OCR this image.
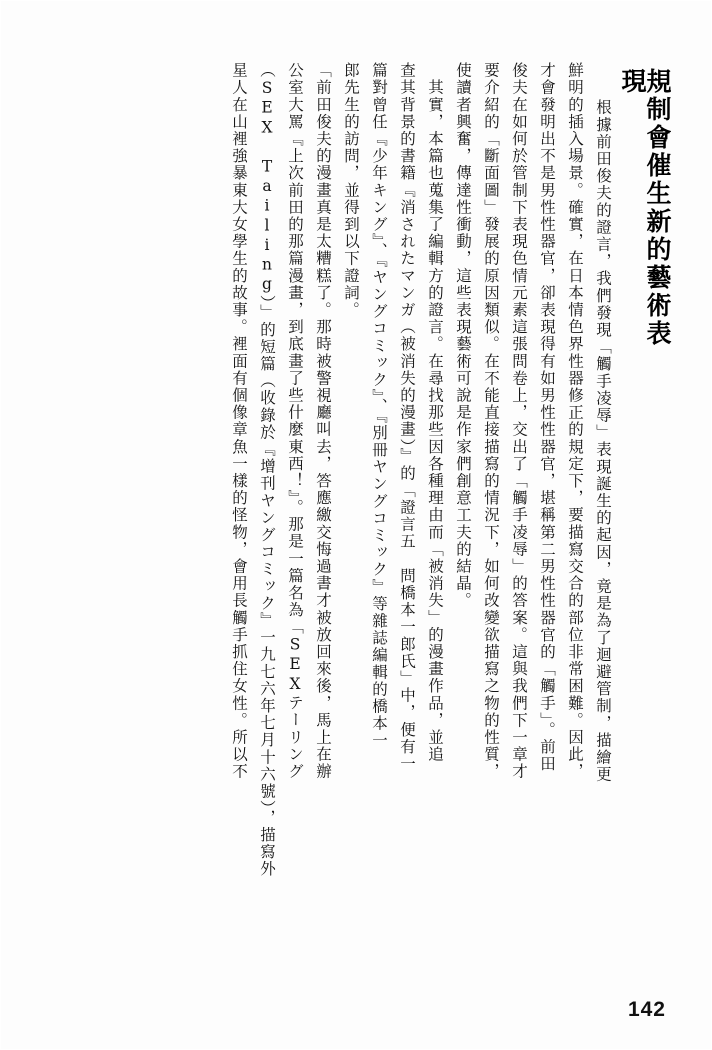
規制會催生新的藝術表現
　根據前田俊夫的證言，我們發現「觸手凌辱」表現誕生的起因，竟是為了迴避管制，描繪更
鮮明的插入場景。確實，在日本情色界性器修正的規定下，要描寫交合的部位非常困難。因此，
才會發明出不是男性性器官，卻表現得有如男性性器官，堪稱第二男性性器官的「觸手」。前田
俊夫在如何於管制下表現色情元素這張問卷上，交出了「觸手凌辱」的答案。這與我們下一章才
要介紹的「斷面圖」發展的原因類似。在不能直接描寫的情況下，如何改變欲描寫之物的性質，
使讀者興奮，傳達性衝動，這些表現藝術可說是作家們創意工夫的結晶。
　其實，本篇也蒐集了編輯方的證言。在尋找那些因各種理由而「被消失」的漫畫作品，並追
查其背景的書籍『消されたマンガ（被消失的漫畫）』的「證言五　問橋本一郎氏」中，便有一
篇對曾任『少年キング』、『ヤングコミック』、『別冊ヤングコミック』等雜誌編輯的橋本一
郎先生的訪問，並得到以下證詞。
「前田俊夫的漫畫真是太糟糕了。那時被警視廳叫去，答應繳交悔過書才被放回來後，馬上在辦
公室大罵『上次前田的那篇漫畫，到底畫了些什麼東西！』。那是一篇名為「SEXテーリング
（SEX Tailing）」的短篇（收錄於『增刊ヤングコミック』一九七六年七月十六號），描寫外
星人在山裡強暴東大女學生的故事。裡面有個像章魚一樣的怪物，會用長觸手抓住女性。所以不
142
